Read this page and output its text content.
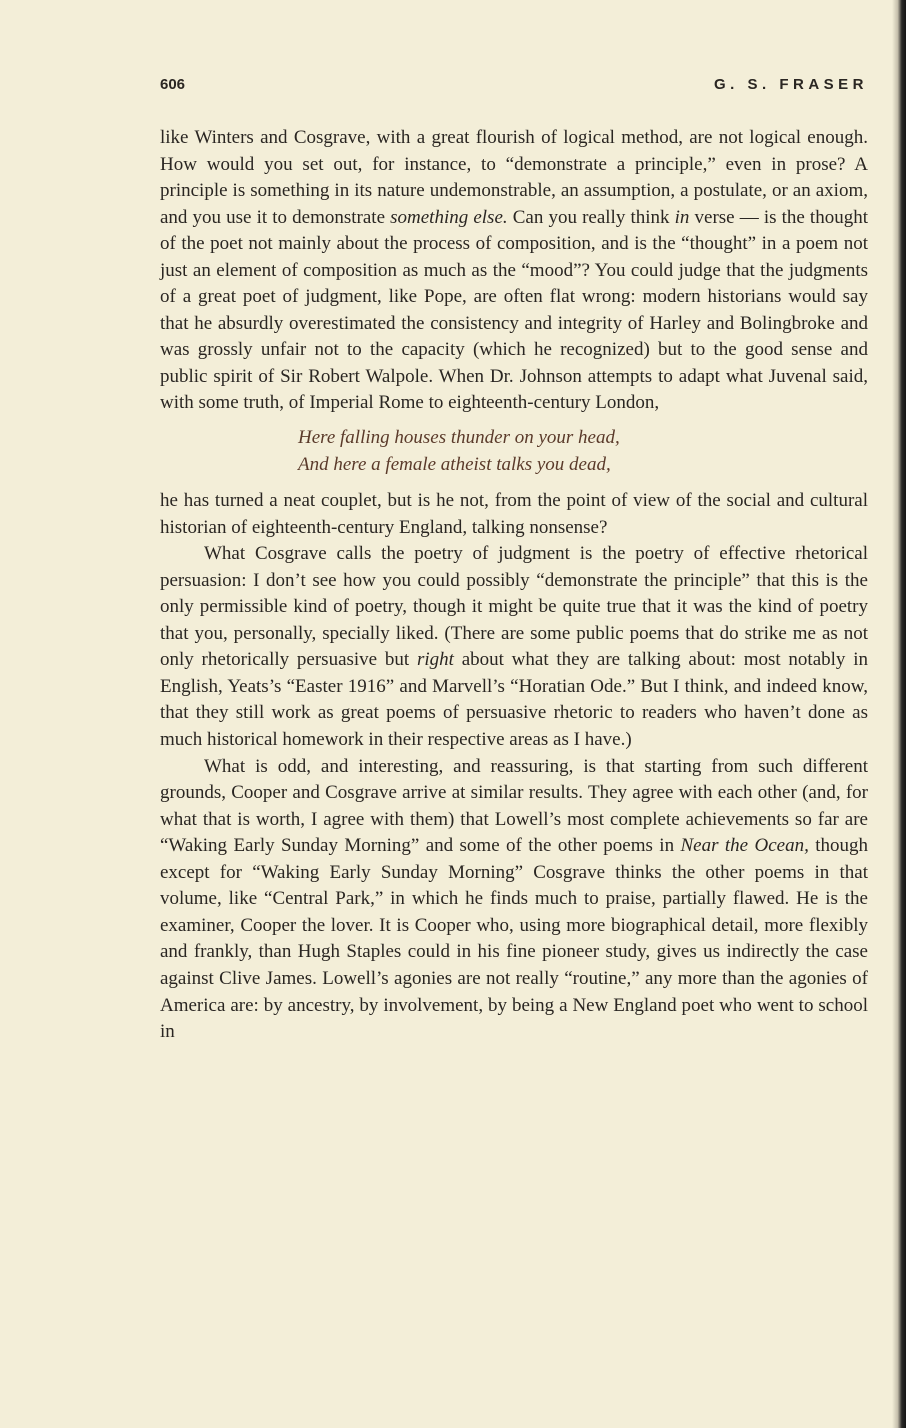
606	G. S. FRASER

like Winters and Cosgrave, with a great flourish of logical method, are not logical enough. How would you set out, for instance, to “demonstrate a principle,” even in prose? A principle is something in its nature undemonstrable, an assumption, a postulate, or an axiom, and you use it to demonstrate something else. Can you really think in verse — is the thought of the poet not mainly about the process of composition, and is the “thought” in a poem not just an element of composition as much as the “mood”? You could judge that the judgments of a great poet of judgment, like Pope, are often flat wrong: modern historians would say that he absurdly overestimated the consistency and integrity of Harley and Bolingbroke and was grossly unfair not to the capacity (which he recognized) but to the good sense and public spirit of Sir Robert Walpole. When Dr. Johnson attempts to adapt what Juvenal said, with some truth, of Imperial Rome to eighteenth-century London,

Here falling houses thunder on your head,
And here a female atheist talks you dead,

he has turned a neat couplet, but is he not, from the point of view of the social and cultural historian of eighteenth-century England, talking nonsense?

What Cosgrave calls the poetry of judgment is the poetry of effective rhetorical persuasion: I don’t see how you could possibly “demonstrate the principle” that this is the only permissible kind of poetry, though it might be quite true that it was the kind of poetry that you, personally, specially liked. (There are some public poems that do strike me as not only rhetorically persuasive but right about what they are talking about: most notably in English, Yeats’s “Easter 1916” and Marvell’s “Horatian Ode.” But I think, and indeed know, that they still work as great poems of persuasive rhetoric to readers who haven’t done as much historical homework in their respective areas as I have.)

What is odd, and interesting, and reassuring, is that starting from such different grounds, Cooper and Cosgrave arrive at similar results. They agree with each other (and, for what that is worth, I agree with them) that Lowell’s most complete achievements so far are “Waking Early Sunday Morning” and some of the other poems in Near the Ocean, though except for “Waking Early Sunday Morning” Cosgrave thinks the other poems in that volume, like “Central Park,” in which he finds much to praise, partially flawed. He is the examiner, Cooper the lover. It is Cooper who, using more biographical detail, more flexibly and frankly, than Hugh Staples could in his fine pioneer study, gives us indirectly the case against Clive James. Lowell’s agonies are not really “routine,” any more than the agonies of America are: by ancestry, by involvement, by being a New England poet who went to school in
